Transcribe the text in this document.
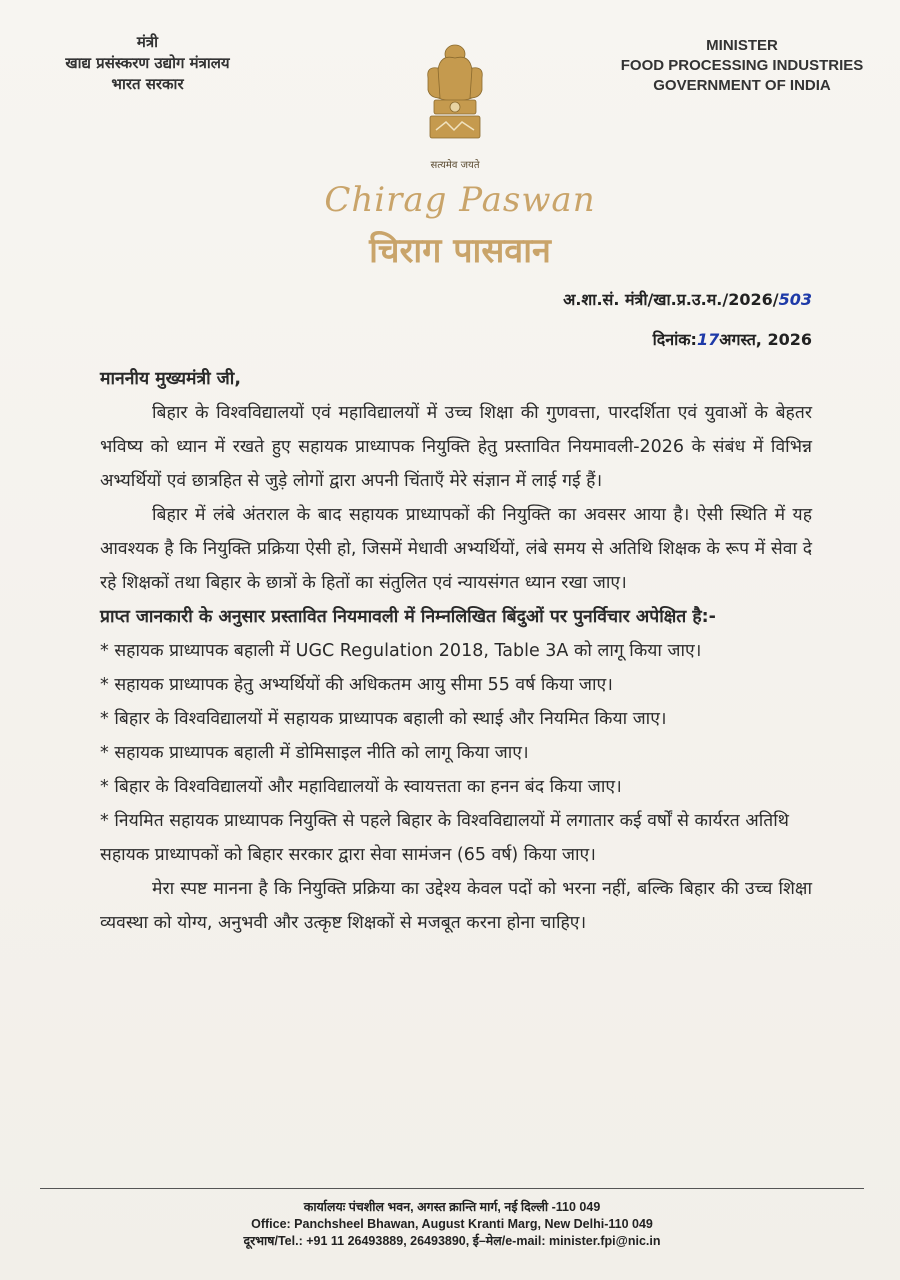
मंत्री
खाद्य प्रसंस्करण उद्योग मंत्रालय
भारत सरकार
सत्यमेव जयते
MINISTER
FOOD PROCESSING INDUSTRIES
GOVERNMENT OF INDIA
Chirag Paswan
चिराग पासवान
अ.शा.सं. मंत्री/खा.प्र.उ.म./2026/503
दिनांक:17अगस्त, 2026
माननीय मुख्यमंत्री जी,

बिहार के विश्वविद्यालयों एवं महाविद्यालयों में उच्च शिक्षा की गुणवत्ता, पारदर्शिता एवं युवाओं के बेहतर भविष्य को ध्यान में रखते हुए सहायक प्राध्यापक नियुक्ति हेतु प्रस्तावित नियमावली-2026 के संबंध में विभिन्न अभ्यर्थियों एवं छात्रहित से जुड़े लोगों द्वारा अपनी चिंताएँ मेरे संज्ञान में लाई गई हैं।

बिहार में लंबे अंतराल के बाद सहायक प्राध्यापकों की नियुक्ति का अवसर आया है। ऐसी स्थिति में यह आवश्यक है कि नियुक्ति प्रक्रिया ऐसी हो, जिसमें मेधावी अभ्यर्थियों, लंबे समय से अतिथि शिक्षक के रूप में सेवा दे रहे शिक्षकों तथा बिहार के छात्रों के हितों का संतुलित एवं न्यायसंगत ध्यान रखा जाए।

प्राप्त जानकारी के अनुसार प्रस्तावित नियमावली में निम्नलिखित बिंदुओं पर पुनर्विचार अपेक्षित है:-

* सहायक प्राध्यापक बहाली में UGC Regulation 2018, Table 3A को लागू किया जाए।
* सहायक प्राध्यापक हेतु अभ्यर्थियों की अधिकतम आयु सीमा 55 वर्ष किया जाए।
* बिहार के विश्वविद्यालयों में सहायक प्राध्यापक बहाली को स्थाई और नियमित किया जाए।
* सहायक प्राध्यापक बहाली में डोमिसाइल नीति को लागू किया जाए।
* बिहार के विश्वविद्यालयों और महाविद्यालयों के स्वायत्तता का हनन बंद किया जाए।
* नियमित सहायक प्राध्यापक नियुक्ति से पहले बिहार के विश्वविद्यालयों में लगातार कई वर्षों से कार्यरत अतिथि सहायक प्राध्यापकों को बिहार सरकार द्वारा सेवा सामंजन (65 वर्ष) किया जाए।

मेरा स्पष्ट मानना है कि नियुक्ति प्रक्रिया का उद्देश्य केवल पदों को भरना नहीं, बल्कि बिहार की उच्च शिक्षा व्यवस्था को योग्य, अनुभवी और उत्कृष्ट शिक्षकों से मजबूत करना होना चाहिए।

कार्यालयः पंचशील भवन, अगस्त क्रान्ति मार्ग, नई दिल्ली -110 049
Office: Panchsheel Bhawan, August Kranti Marg, New Delhi-110 049
दूरभाष/Tel.: +91 11 26493889, 26493890, ई–मेल/e-mail: minister.fpi@nic.in
